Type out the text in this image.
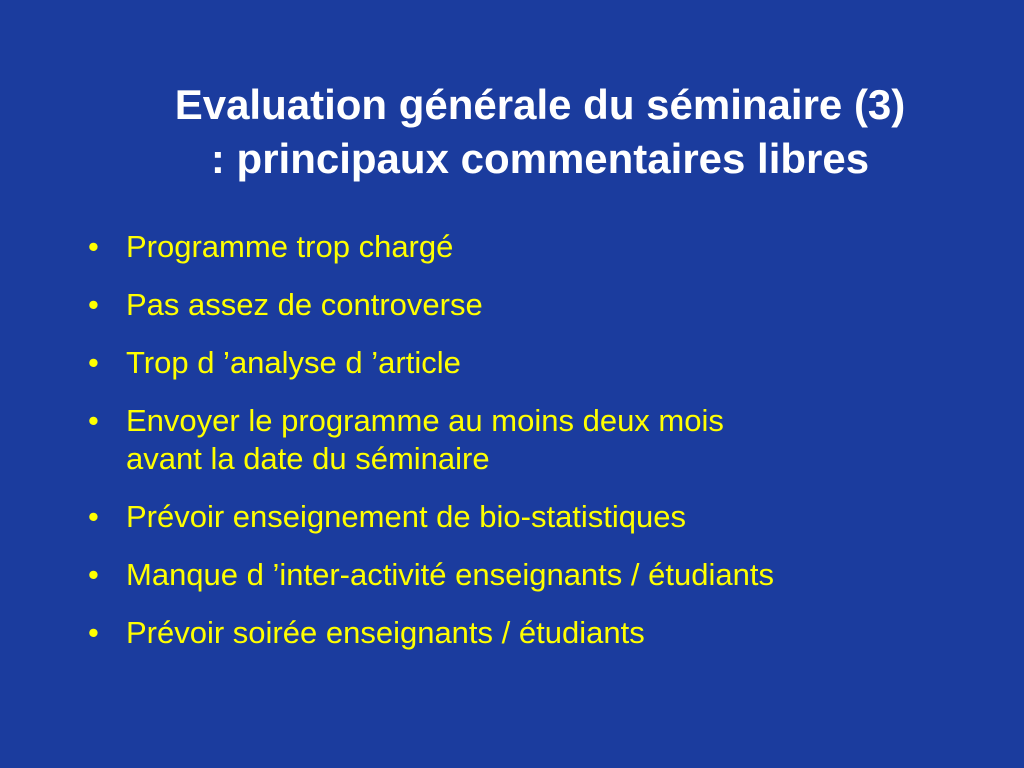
Evaluation générale du séminaire (3)
: principaux commentaires libres
• Programme trop chargé
• Pas assez de controverse
• Trop d ’analyse d ’article
• Envoyer le programme au moins deux mois
avant la date du séminaire
• Prévoir enseignement de bio-statistiques
• Manque d ’inter-activité enseignants / étudiants
• Prévoir soirée enseignants / étudiants
